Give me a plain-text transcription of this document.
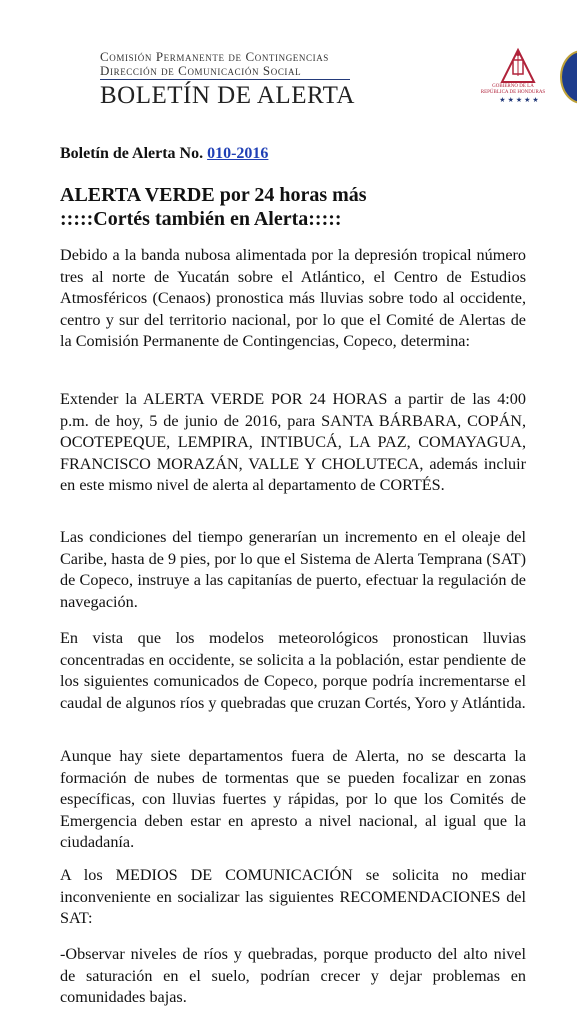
Comisión Permanente de Contingencias
Dirección de Comunicación Social
BOLETÍN DE ALERTA	GOBIERNO DE LA REPÚBLICA DE HONDURAS
★★★★★
Boletín de Alerta No. 010-2016
ALERTA VERDE por 24 horas más
:::::Cortés también en Alerta:::::

Debido a la banda nubosa alimentada por la depresión tropical número tres al norte de Yucatán sobre el Atlántico, el Centro de Estudios Atmosféricos (Cenaos) pronostica más lluvias sobre todo al occidente, centro y sur del territorio nacional, por lo que el Comité de Alertas de la Comisión Permanente de Contingencias, Copeco, determina:

Extender la ALERTA VERDE POR 24 HORAS a partir de las 4:00 p.m. de hoy, 5 de junio de 2016, para SANTA BÁRBARA, COPÁN, OCOTEPEQUE, LEMPIRA, INTIBUCÁ, LA PAZ, COMAYAGUA, FRANCISCO MORAZÁN, VALLE Y CHOLUTECA, además incluir en este mismo nivel de alerta al departamento de CORTÉS.

Las condiciones del tiempo generarían un incremento en el oleaje del Caribe, hasta de 9 pies, por lo que el Sistema de Alerta Temprana (SAT) de Copeco, instruye a las capitanías de puerto, efectuar la regulación de navegación.

En vista que los modelos meteorológicos pronostican lluvias concentradas en occidente, se solicita a la población, estar pendiente de los siguientes comunicados de Copeco, porque podría incrementarse el caudal de algunos ríos y quebradas que cruzan Cortés, Yoro y Atlántida.

Aunque hay siete departamentos fuera de Alerta, no se descarta la formación de nubes de tormentas que se pueden focalizar en zonas específicas, con lluvias fuertes y rápidas, por lo que los Comités de Emergencia deben estar en apresto a nivel nacional, al igual que la ciudadanía.

A los MEDIOS DE COMUNICACIÓN se solicita no mediar inconveniente en socializar las siguientes RECOMENDACIONES del SAT:

-Observar niveles de ríos y quebradas, porque producto del alto nivel de saturación en el suelo, podrían crecer y dejar problemas en comunidades bajas.
